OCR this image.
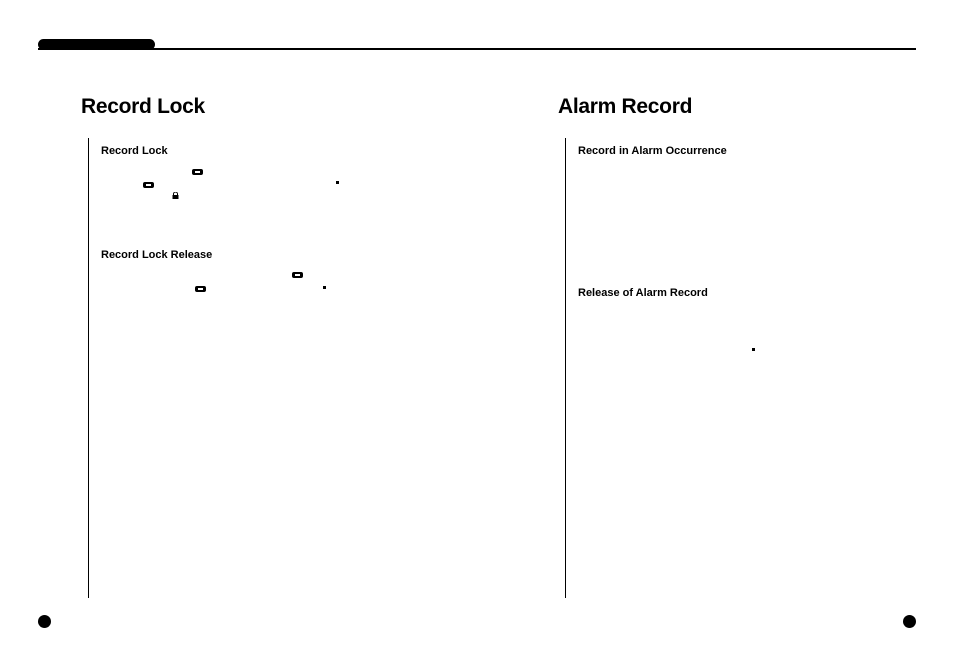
Record Lock	Alarm Record
Record Lock
Record Lock Release
Record in Alarm Occurrence
Release of Alarm Record
